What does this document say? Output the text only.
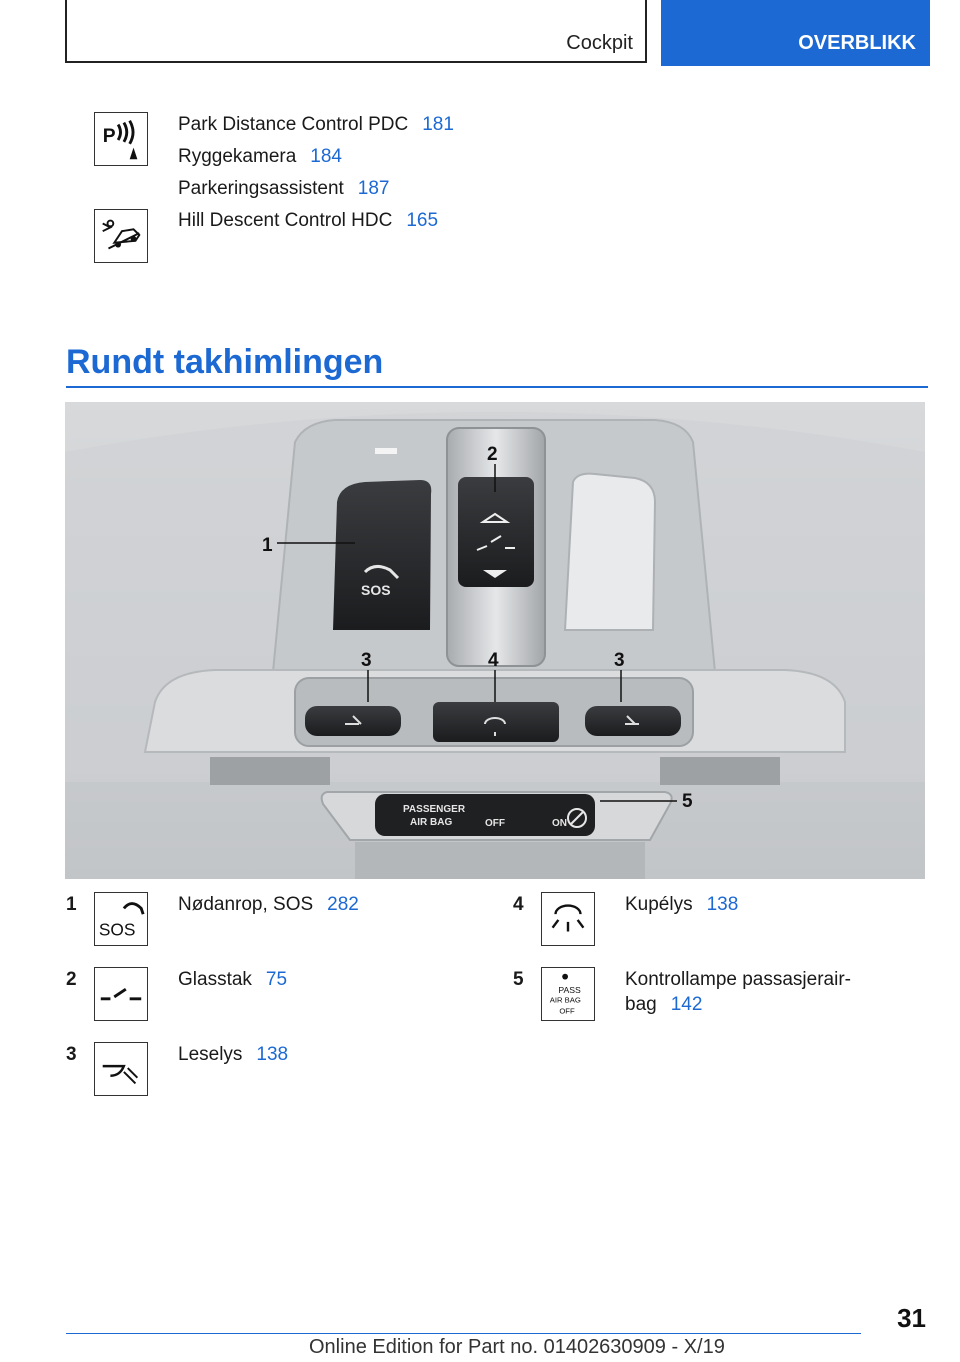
Cockpit	OVERBLIKK
P
Park Distance Control PDC 181
Ryggekamera 184
Parkeringsassistent 187
Hill Descent Control HDC 165
Rundt takhimlingen
SOS
PASSENGER
AIR BAG	OFF	ON
1
2
3	4	3
5
1
SOS
Nødanrop, SOS 282
2	Glasstak 75
3	Leselys 138
4	Kupélys 138
5
PASS
AIR BAG
OFF
Kontrollampe passasjerair-
bag 142
31
Online Edition for Part no. 01402630909 - X/19
